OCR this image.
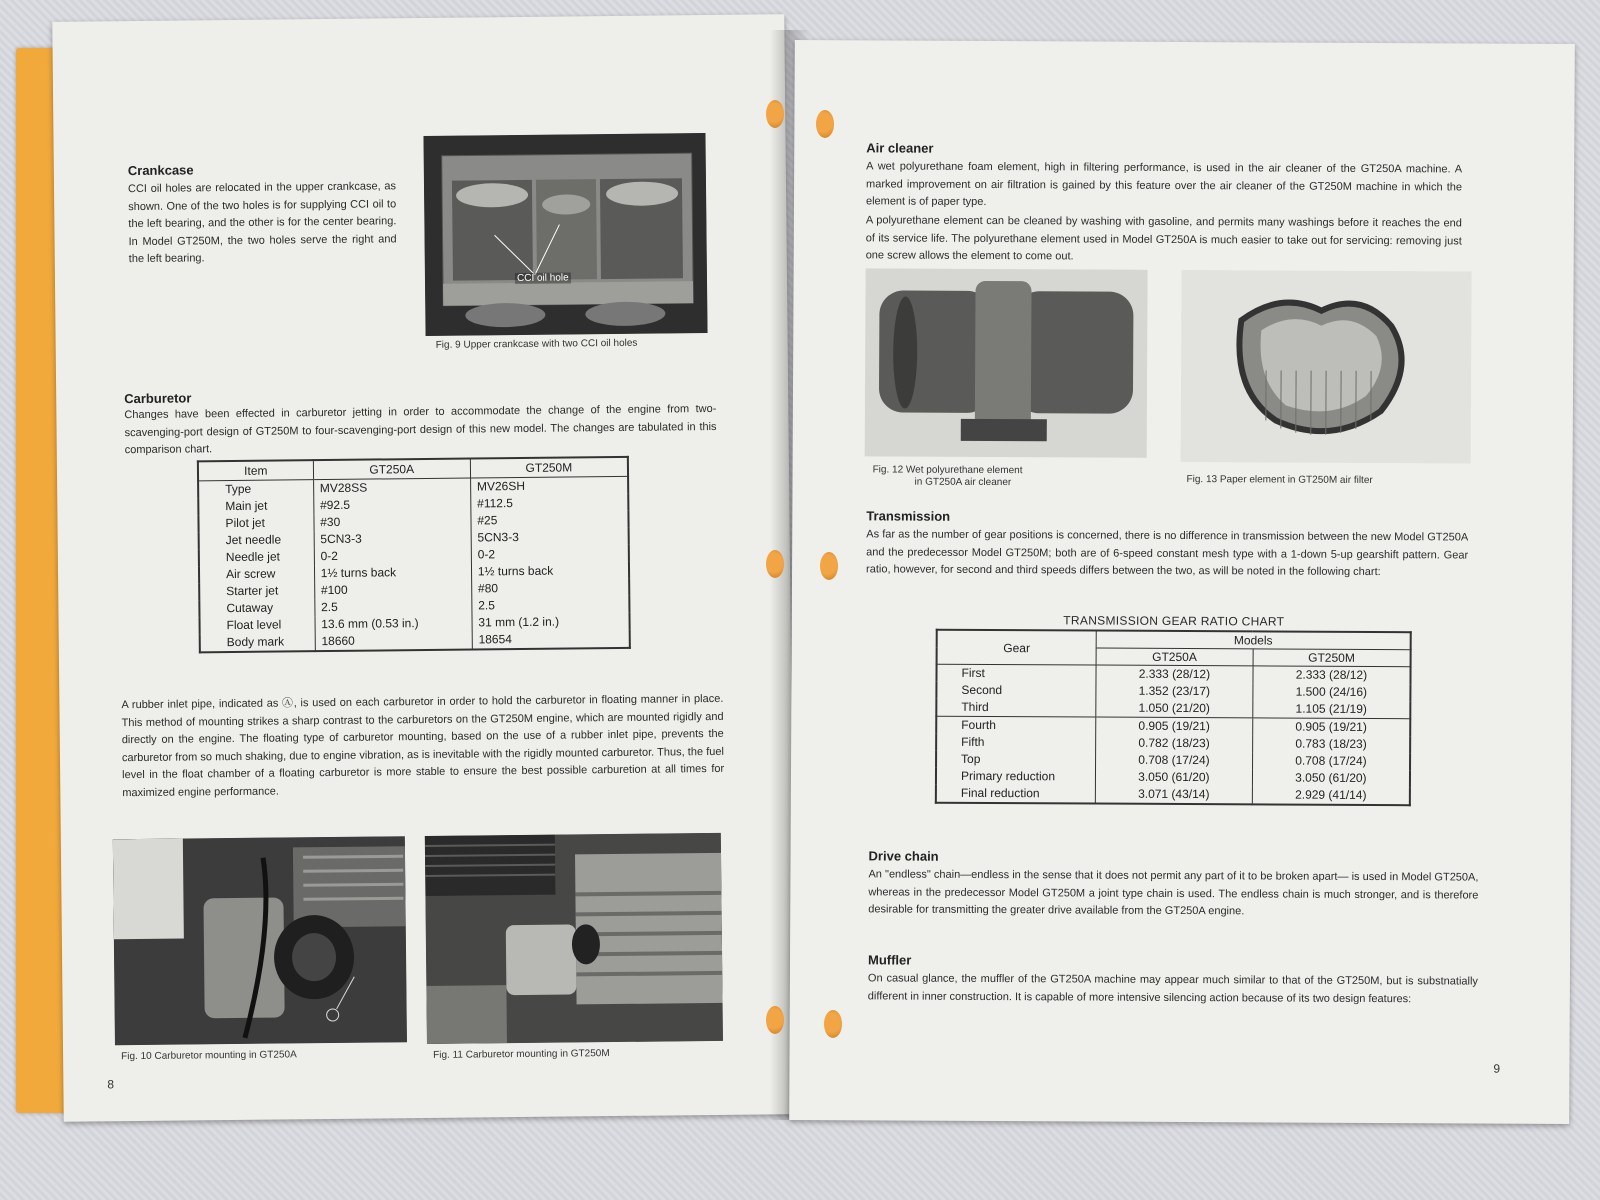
Crankcase

CCI oil holes are relocated in the upper crankcase, as shown. One of the two holes is for supplying CCI oil to the left bearing, and the other is for the center bearing. In Model GT250M, the two holes serve the right and the left bearing.

CCI oil hole
Fig. 9 Upper crankcase with two CCI oil holes
Carburetor

Changes have been effected in carburetor jetting in order to accommodate the change of the engine from two-scavenging-port design of GT250M to four-scavenging-port design of this new model. The changes are tabulated in this comparison chart.

Item	GT250A	GT250M
Type	MV28SS	MV26SH
Main jet	#92.5	#112.5
Pilot jet	#30	#25
Jet needle	5CN3-3	5CN3-3
Needle jet	0-2	0-2
Air screw	1½ turns back	1½ turns back
Starter jet	#100	#80
Cutaway	2.5	2.5
Float level	13.6 mm (0.53 in.)	31 mm (1.2 in.)
Body mark	18660	18654

A rubber inlet pipe, indicated as Ⓐ, is used on each carburetor in order to hold the carburetor in floating manner in place. This method of mounting strikes a sharp contrast to the carburetors on the GT250M engine, which are mounted rigidly and directly on the engine. The floating type of carburetor mounting, based on the use of a rubber inlet pipe, prevents the carburetor from so much shaking, due to engine vibration, as is inevitable with the rigidly mounted carburetor. Thus, the fuel level in the float chamber of a floating carburetor is more stable to ensure the best possible carburetion at all times for maximized engine performance.

Fig. 10 Carburetor mounting in GT250A	Fig. 11 Carburetor mounting in GT250M
8
Air cleaner

A wet polyurethane foam element, high in filtering performance, is used in the air cleaner of the GT250A machine. A marked improvement on air filtration is gained by this feature over the air cleaner of the GT250M machine in which the element is of paper type.

A polyurethane element can be cleaned by washing with gasoline, and permits many washings before it reaches the end of its service life. The polyurethane element used in Model GT250A is much easier to take out for servicing: removing just one screw allows the element to come out.

Fig. 12 Wet polyurethane element
in GT250A air cleaner	Fig. 13 Paper element in GT250M air filter
Transmission

As far as the number of gear positions is concerned, there is no difference in transmission between the new Model GT250A and the predecessor Model GT250M; both are of 6-speed constant mesh type with a 1-down 5-up gearshift pattern. Gear ratio, however, for second and third speeds differs between the two, as will be noted in the following chart:

TRANSMISSION GEAR RATIO CHART
Gear	Models	
	GT250A	GT250M
First	2.333 (28/12)	2.333 (28/12)
Second	1.352 (23/17)	1.500 (24/16)
Third	1.050 (21/20)	1.105 (21/19)
Fourth	0.905 (19/21)	0.905 (19/21)
Fifth	0.782 (18/23)	0.783 (18/23)
Top	0.708 (17/24)	0.708 (17/24)
Primary reduction	3.050 (61/20)	3.050 (61/20)
Final reduction	3.071 (43/14)	2.929 (41/14)
Drive chain

An "endless" chain—endless in the sense that it does not permit any part of it to be broken apart— is used in Model GT250A, whereas in the predecessor Model GT250M a joint type chain is used. The endless chain is much stronger, and is therefore desirable for transmitting the greater drive available from the GT250A engine.

Muffler

On casual glance, the muffler of the GT250A machine may appear much similar to that of the GT250M, but is substnatially different in inner construction. It is capable of more intensive silencing action because of its two design features:

9
